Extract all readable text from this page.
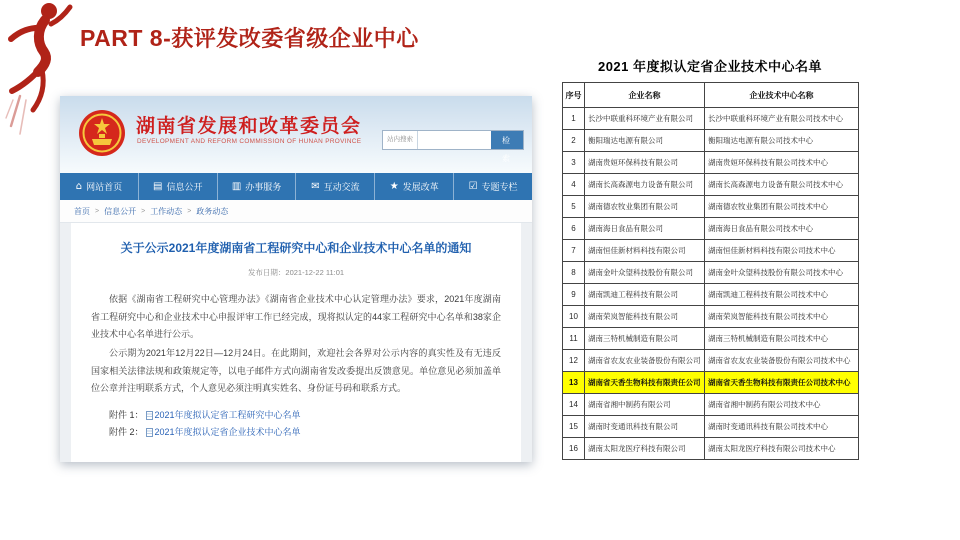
PART 8-获评发改委省级企业中心
湖南省发展和改革委员会
DEVELOPMENT AND REFORM COMMISSION OF HUNAN PROVINCE	站内搜索	检 索
⌂ 网站首页	▤ 信息公开	▥ 办事服务	✉ 互动交流	★ 发展改革	☑ 专题专栏
首页 > 信息公开 > 工作动态 > 政务动态
关于公示2021年度湖南省工程研究中心和企业技术中心名单的通知
发布日期：2021-12-22 11:01

依据《湖南省工程研究中心管理办法》《湖南省企业技术中心认定管理办法》要求，2021年度湖南省工程研究中心和企业技术中心申报评审工作已经完成，现将拟认定的44家工程研究中心名单和38家企业技术中心名单进行公示。

公示期为2021年12月22日—12月24日。在此期间，欢迎社会各界对公示内容的真实性及有无违反国家相关法律法规和政策规定等，以电子邮件方式向湖南省发改委提出反馈意见。单位意见必须加盖单位公章并注明联系方式，个人意见必须注明真实姓名、身份证号码和联系方式。

附件 1： 2021年度拟认定省工程研究中心名单
附件 2： 2021年度拟认定省企业技术中心名单
2021 年度拟认定省企业技术中心名单
序号	企业名称	企业技术中心名称
1	长沙中联重科环境产业有限公司	长沙中联重科环境产业有限公司技术中心
2	衡阳瑞达电源有限公司	衡阳瑞达电源有限公司技术中心
3	湖南贵姮环保科技有限公司	湖南贵姮环保科技有限公司技术中心
4	湖南长高森源电力设备有限公司	湖南长高森源电力设备有限公司技术中心
5	湖南德农牧业集团有限公司	湖南德农牧业集团有限公司技术中心
6	湖南海日食品有限公司	湖南海日食品有限公司技术中心
7	湖南恒佳新材料科技有限公司	湖南恒佳新材料科技有限公司技术中心
8	湖南金叶众望科技股份有限公司	湖南金叶众望科技股份有限公司技术中心
9	湖南凯迪工程科技有限公司	湖南凯迪工程科技有限公司技术中心
10	湖南荣岚智能科技有限公司	湖南荣岚智能科技有限公司技术中心
11	湖南三特机械制造有限公司	湖南三特机械制造有限公司技术中心
12	湖南省农友农业装备股份有限公司	湖南省农友农业装备股份有限公司技术中心
13	湖南省天香生物科技有限责任公司	湖南省天香生物科技有限责任公司技术中心
14	湖南省湘中制药有限公司	湖南省湘中制药有限公司技术中心
15	湖南时变通讯科技有限公司	湖南时变通讯科技有限公司技术中心
16	湖南太阳龙医疗科技有限公司	湖南太阳龙医疗科技有限公司技术中心
